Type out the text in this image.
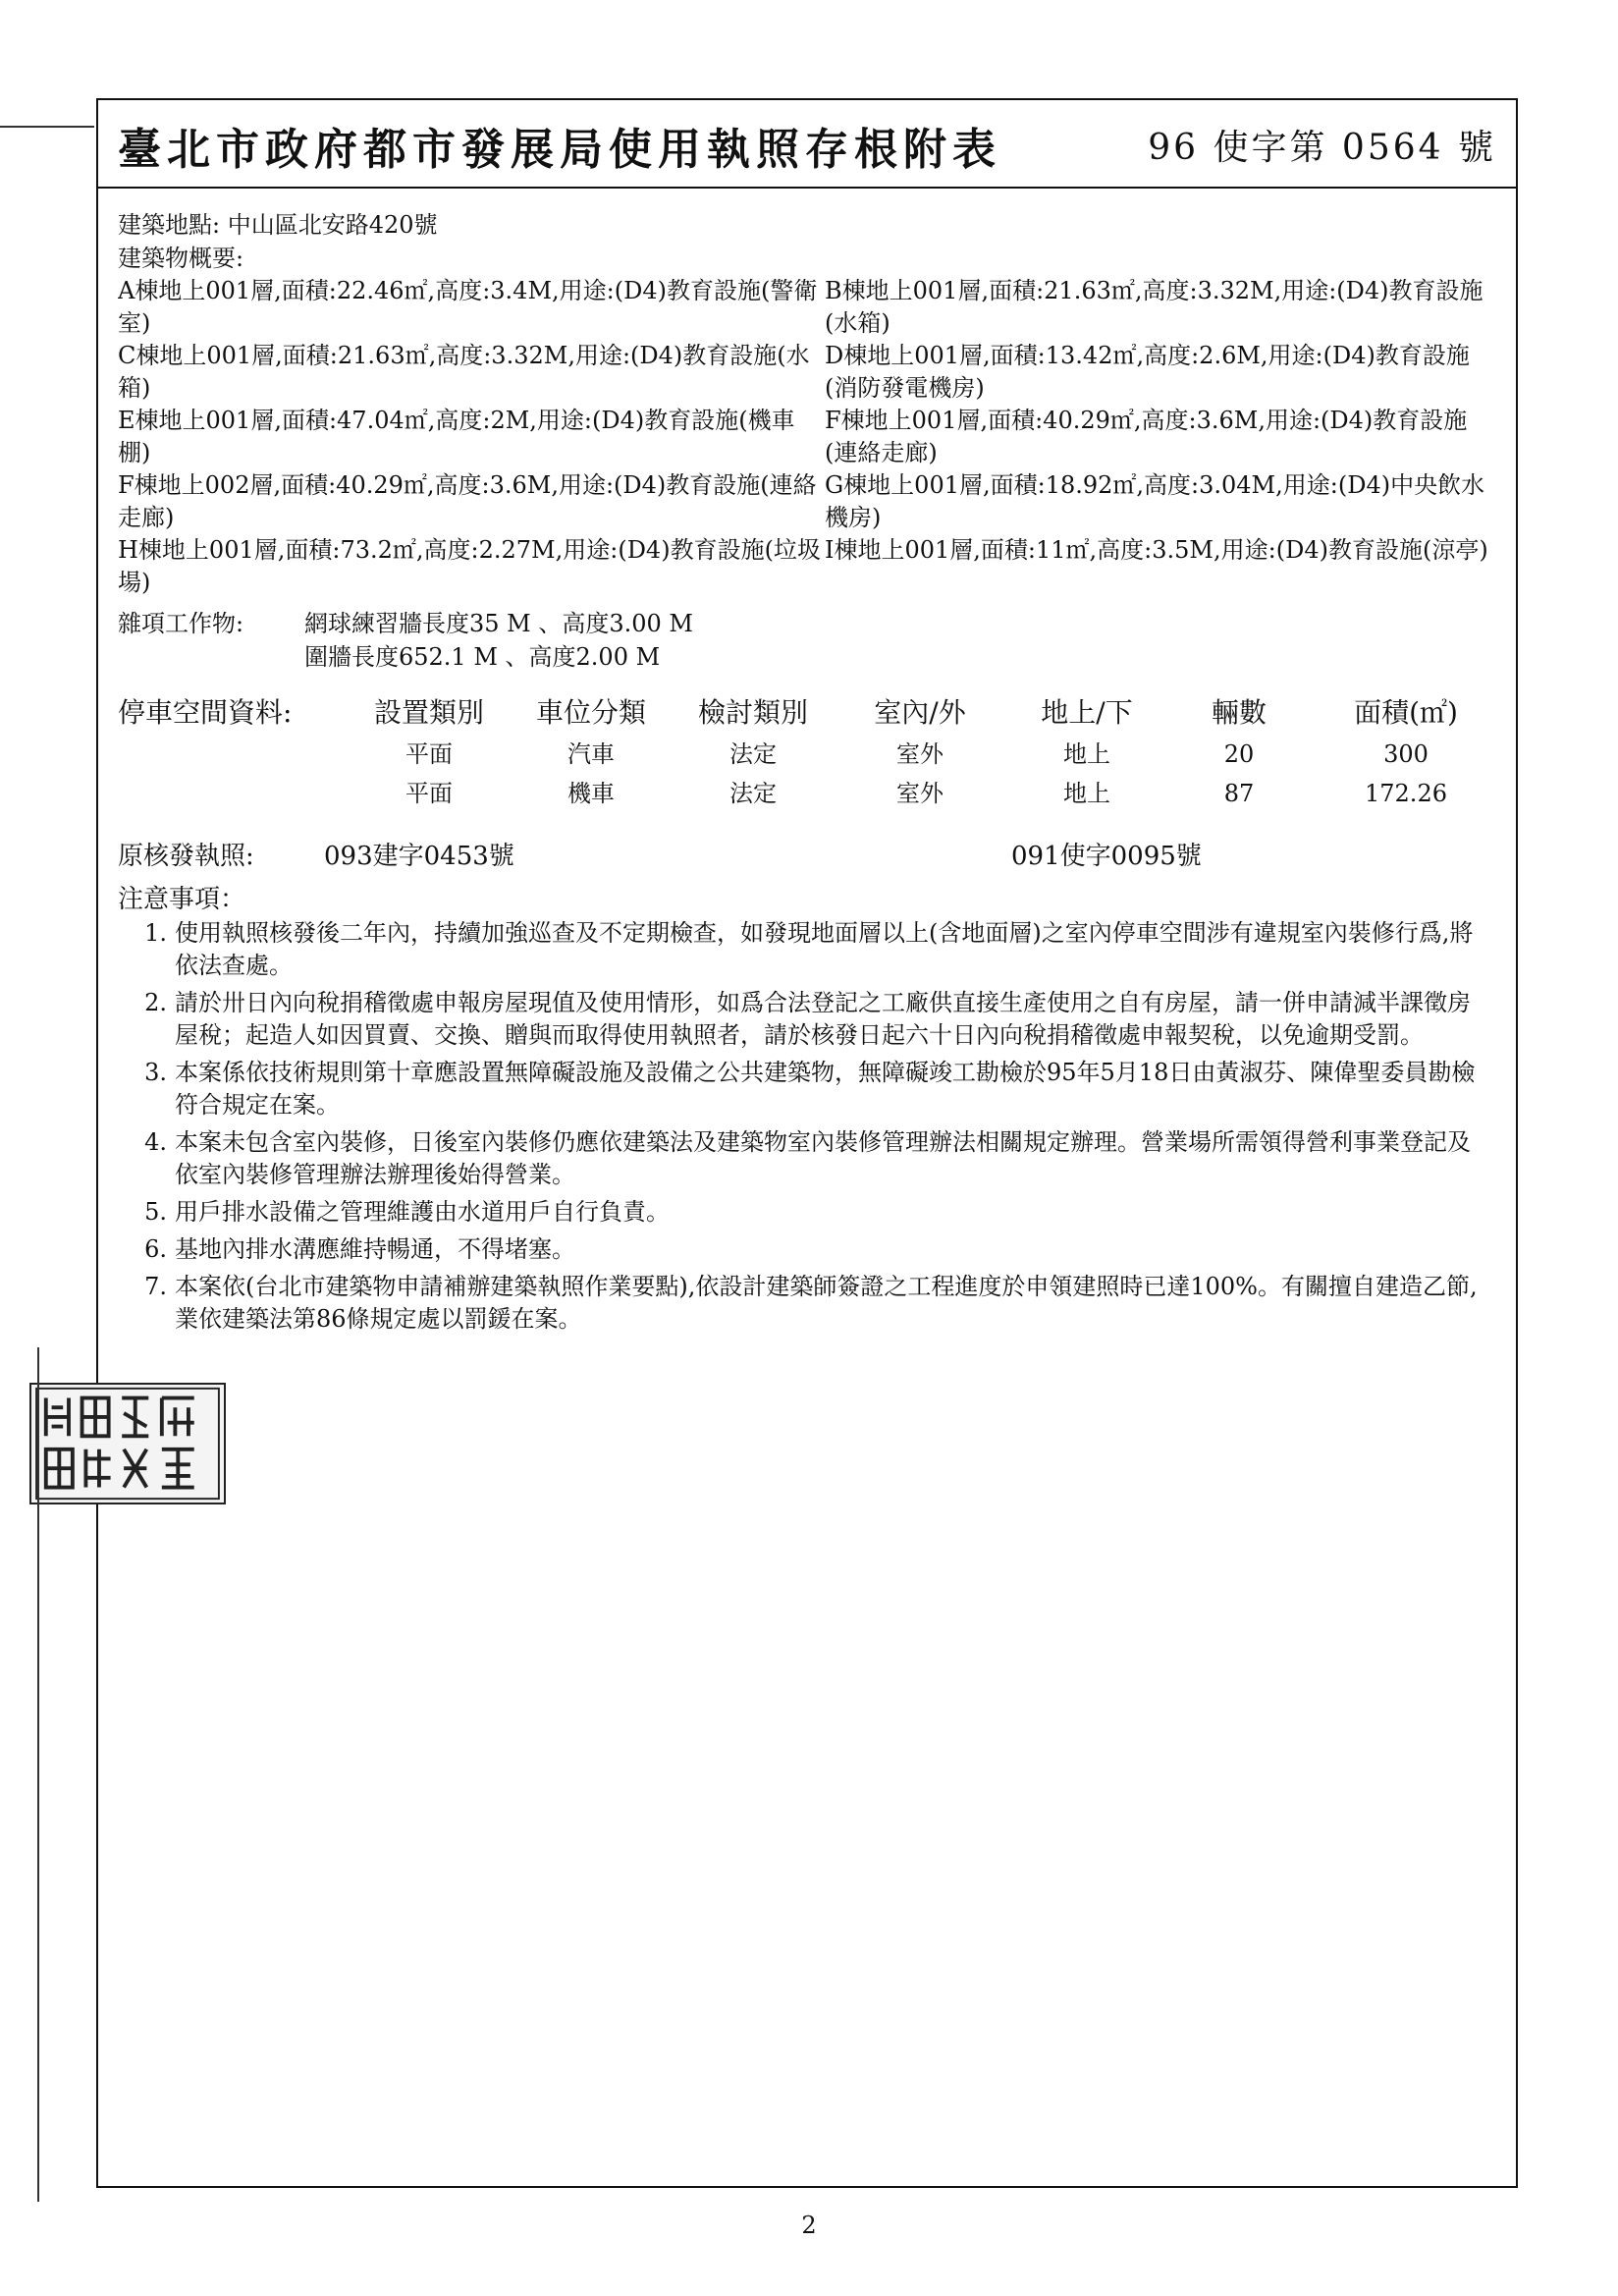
臺北市政府都市發展局使用執照存根附表	96 使字第 0564 號
建築地點: 中山區北安路420號
建築物概要:
A棟地上001層,面積:22.46㎡,高度:3.4M,用途:(D4)教育設施(警衛室)
B棟地上001層,面積:21.63㎡,高度:3.32M,用途:(D4)教育設施(水箱)
C棟地上001層,面積:21.63㎡,高度:3.32M,用途:(D4)教育設施(水箱)
D棟地上001層,面積:13.42㎡,高度:2.6M,用途:(D4)教育設施(消防發電機房)
E棟地上001層,面積:47.04㎡,高度:2M,用途:(D4)教育設施(機車棚)
F棟地上001層,面積:40.29㎡,高度:3.6M,用途:(D4)教育設施(連絡走廊)
F棟地上002層,面積:40.29㎡,高度:3.6M,用途:(D4)教育設施(連絡走廊)
G棟地上001層,面積:18.92㎡,高度:3.04M,用途:(D4)中央飲水機房)
H棟地上001層,面積:73.2㎡,高度:2.27M,用途:(D4)教育設施(垃圾場)
I棟地上001層,面積:11㎡,高度:3.5M,用途:(D4)教育設施(涼亭)
雜項工作物:	網球練習牆長度35 M 、高度3.00 M
圍牆長度652.1 M 、高度2.00 M
停車空間資料:	設置類別	車位分類	檢討類別	室內/外	地上/下	輛數	面積(㎡)
平面	汽車	法定	室外	地上	20	300
平面	機車	法定	室外	地上	87	172.26
原核發執照:	093建字0453號	091使字0095號
注意事項：
1. 使用執照核發後二年內，持續加強巡查及不定期檢查，如發現地面層以上(含地面層)之室內停車空間涉有違規室內裝修行爲,將依法查處。
2. 請於卅日內向稅捐稽徵處申報房屋現值及使用情形，如爲合法登記之工廠供直接生產使用之自有房屋，請一併申請減半課徵房屋稅；起造人如因買賣、交換、贈與而取得使用執照者，請於核發日起六十日內向稅捐稽徵處申報契稅，以免逾期受罰。
3. 本案係依技術規則第十章應設置無障礙設施及設備之公共建築物，無障礙竣工勘檢於95年5月18日由黃淑芬、陳偉聖委員勘檢符合規定在案。
4. 本案未包含室內裝修，日後室內裝修仍應依建築法及建築物室內裝修管理辦法相關規定辦理。營業場所需領得營利事業登記及依室內裝修管理辦法辦理後始得營業。
5. 用戶排水設備之管理維護由水道用戶自行負責。
6. 基地內排水溝應維持暢通，不得堵塞。
7. 本案依(台北市建築物申請補辦建築執照作業要點),依設計建築師簽證之工程進度於申領建照時已達100%。有關擅自建造乙節,業依建築法第86條規定處以罰鍰在案。
2
